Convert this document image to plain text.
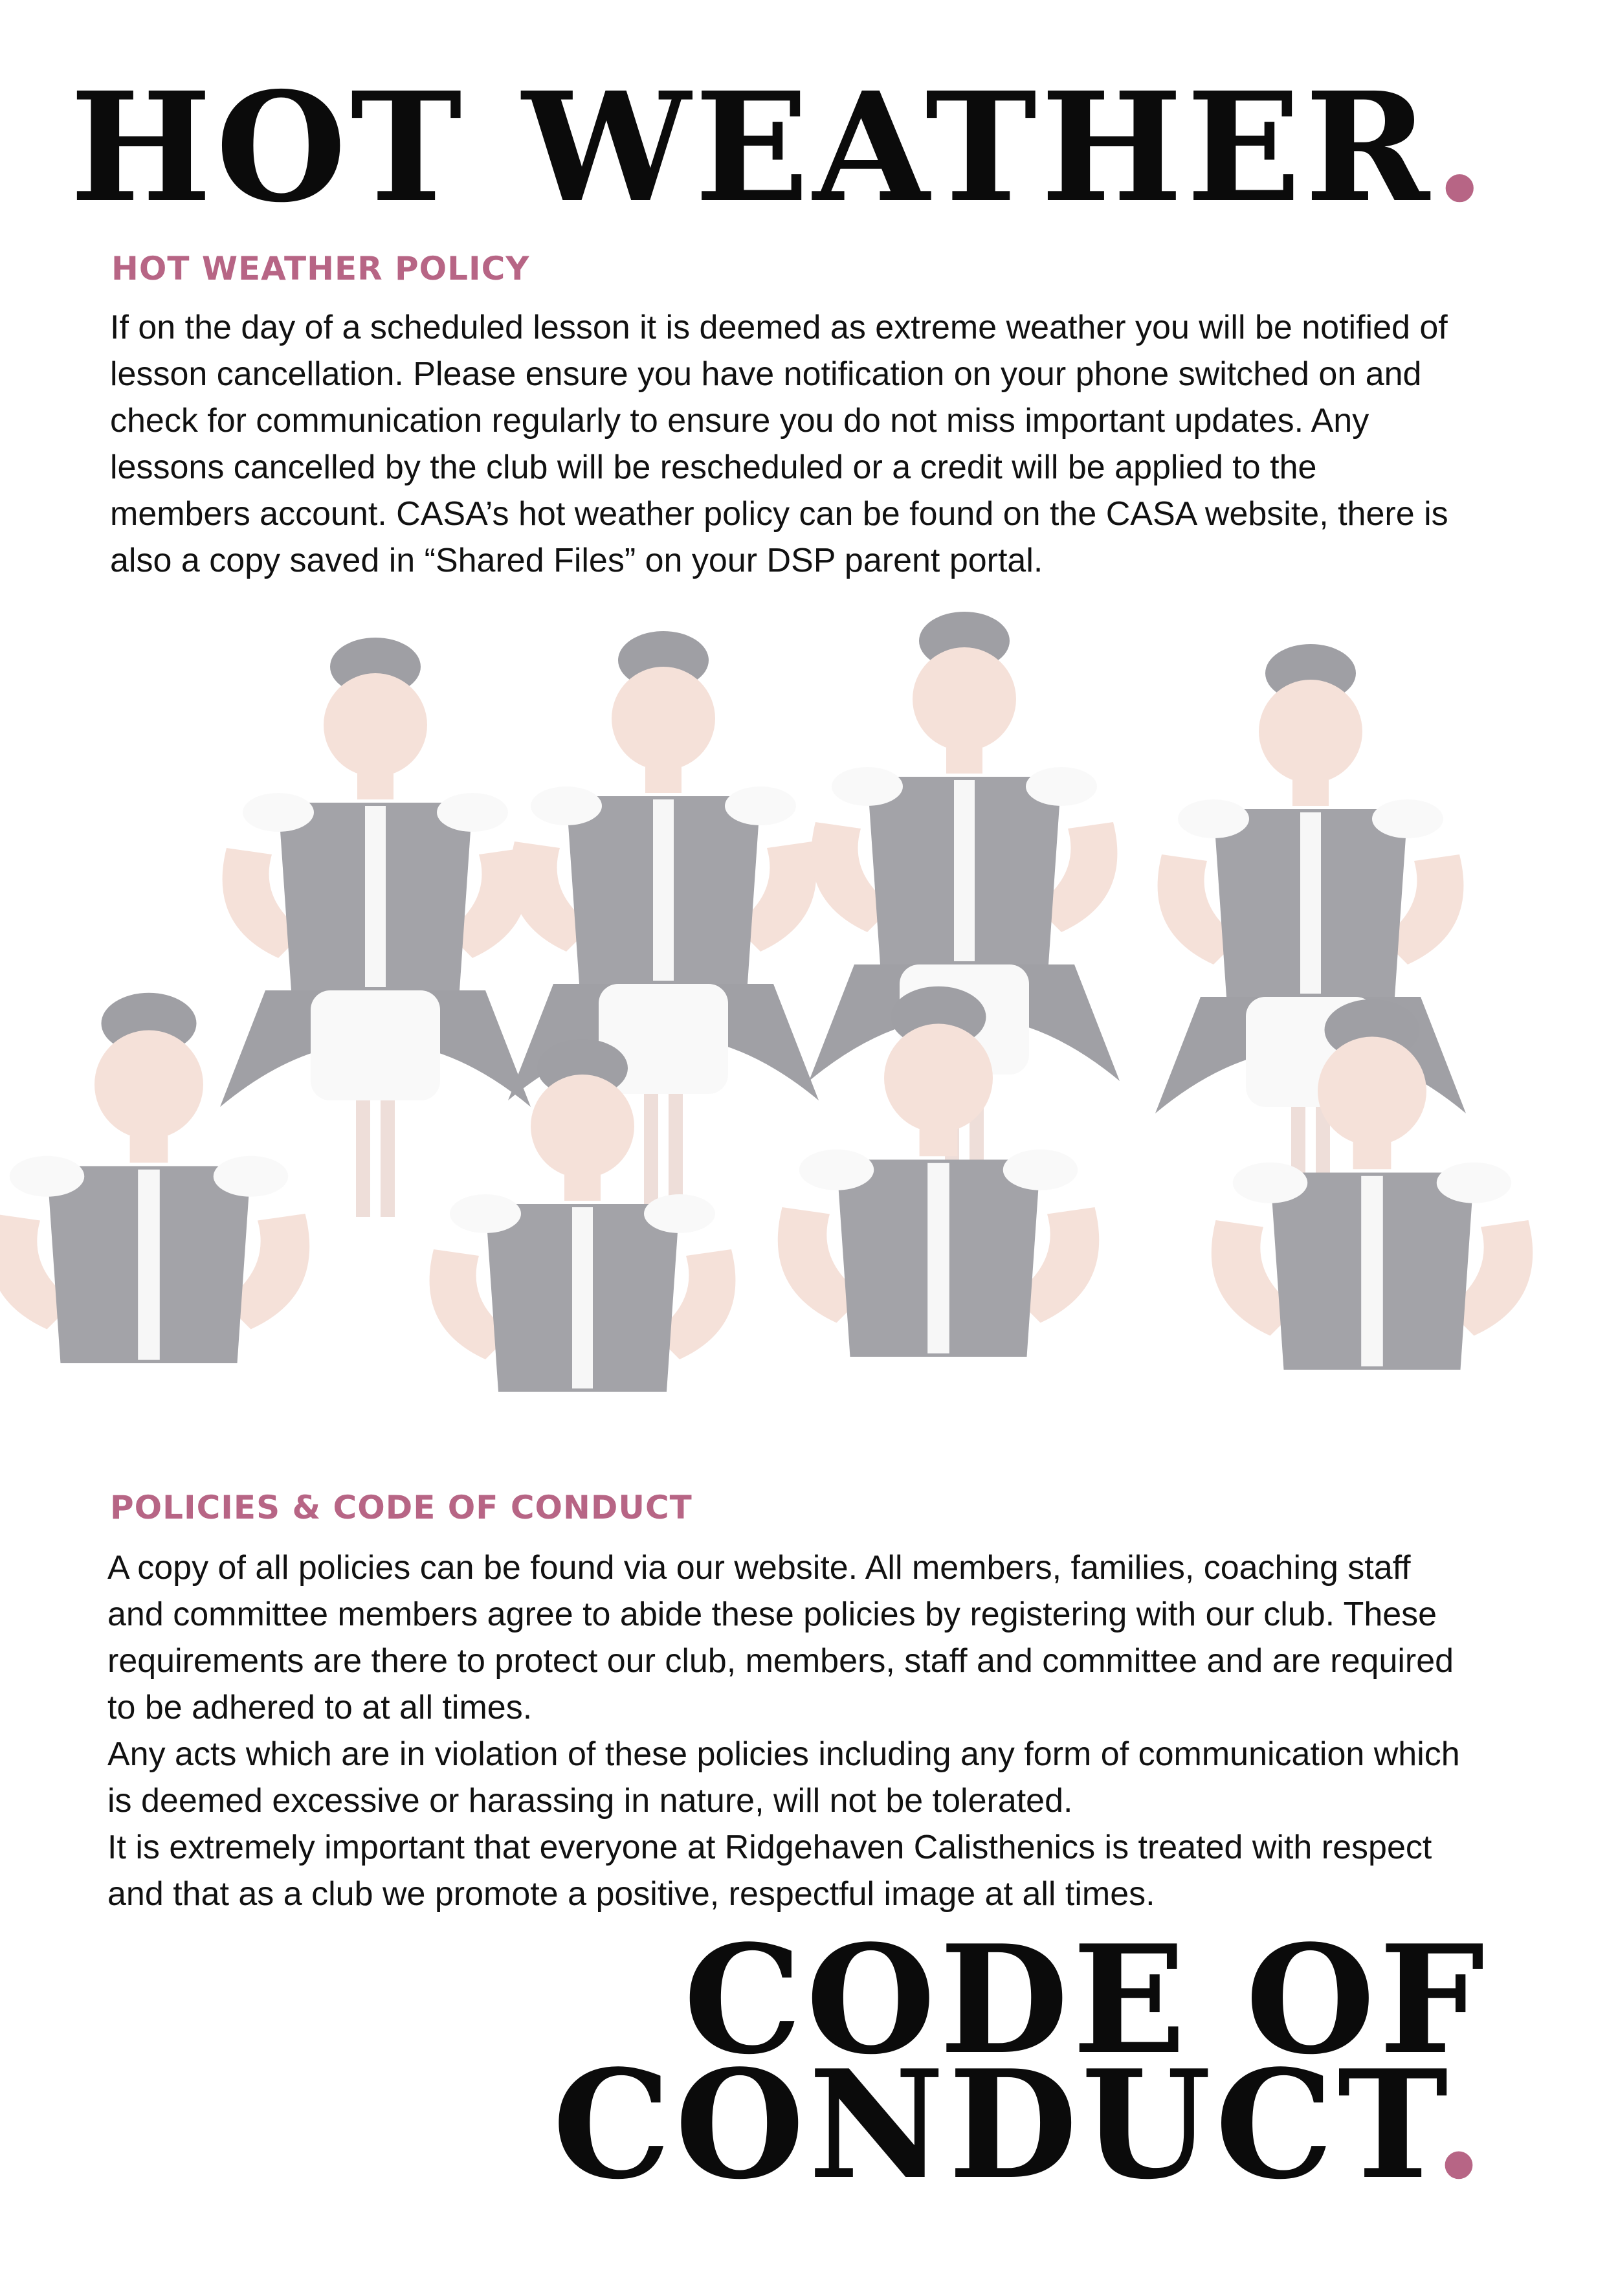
HOT WEATHER.
HOT WEATHER POLICY
If on the day of a scheduled lesson it is deemed as extreme weather you will be notified of
lesson cancellation. Please ensure you have notification on your phone switched on and
check for communication regularly to ensure you do not miss important updates. Any
lessons cancelled by the club will be rescheduled or a credit will be applied to the
members account. CASA’s hot weather policy can be found on the CASA website, there is
also a copy saved in “Shared Files” on your DSP parent portal.
POLICIES & CODE OF CONDUCT
A copy of all policies can be found via our website. All members, families, coaching staff
and committee members agree to abide these policies by registering with our club. These
requirements are there to protect our club, members, staff and committee and are required
to be adhered to at all times.
Any acts which are in violation of these policies including any form of communication which
is deemed excessive or harassing in nature, will not be tolerated.
It is extremely important that everyone at Ridgehaven Calisthenics is treated with respect
and that as a club we promote a positive, respectful image at all times.
CODE OF
CONDUCT.
